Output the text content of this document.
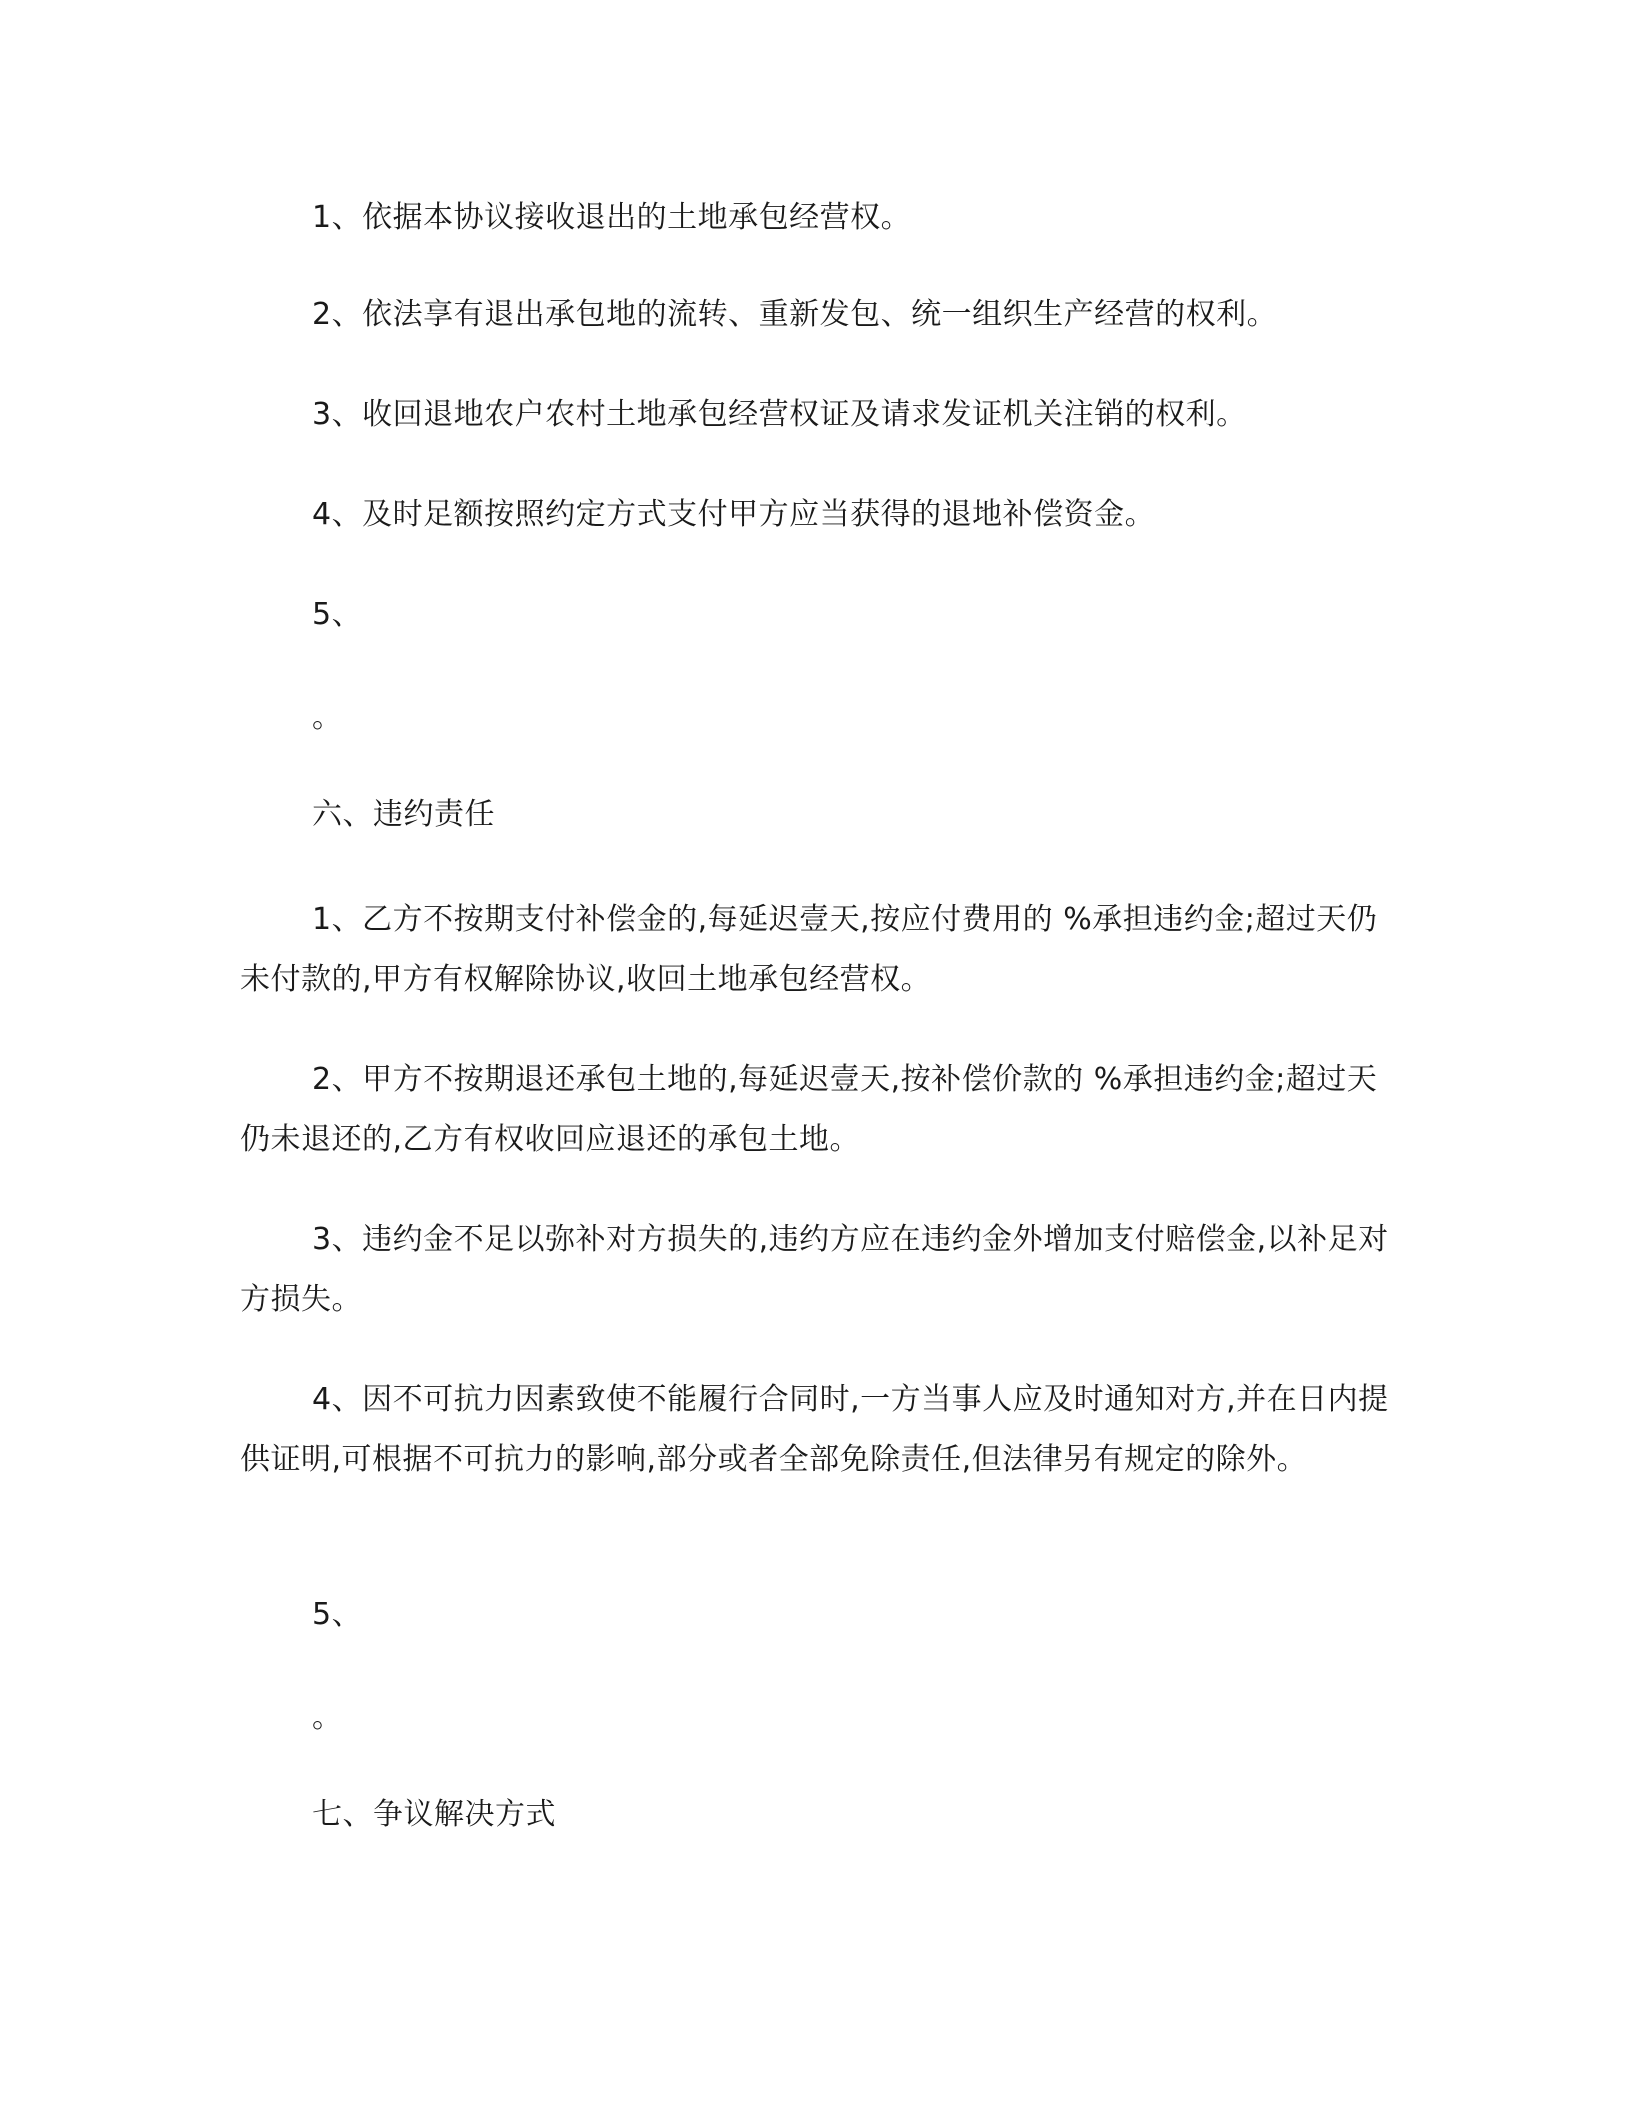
1、依据本协议接收退出的土地承包经营权。

2、依法享有退出承包地的流转、重新发包、统一组织生产经营的权利。

3、收回退地农户农村土地承包经营权证及请求发证机关注销的权利。

4、及时足额按照约定方式支付甲方应当获得的退地补偿资金。

5、

。

六、违约责任

1、乙方不按期支付补偿金的,每延迟壹天,按应付费用的 %承担违约金;超过天仍未付款的,甲方有权解除协议,收回土地承包经营权。

2、甲方不按期退还承包土地的,每延迟壹天,按补偿价款的 %承担违约金;超过天仍未退还的,乙方有权收回应退还的承包土地。

3、违约金不足以弥补对方损失的,违约方应在违约金外增加支付赔偿金,以补足对方损失。

4、因不可抗力因素致使不能履行合同时,一方当事人应及时通知对方,并在日内提供证明,可根据不可抗力的影响,部分或者全部免除责任,但法律另有规定的除外。

5、

。

七、争议解决方式
